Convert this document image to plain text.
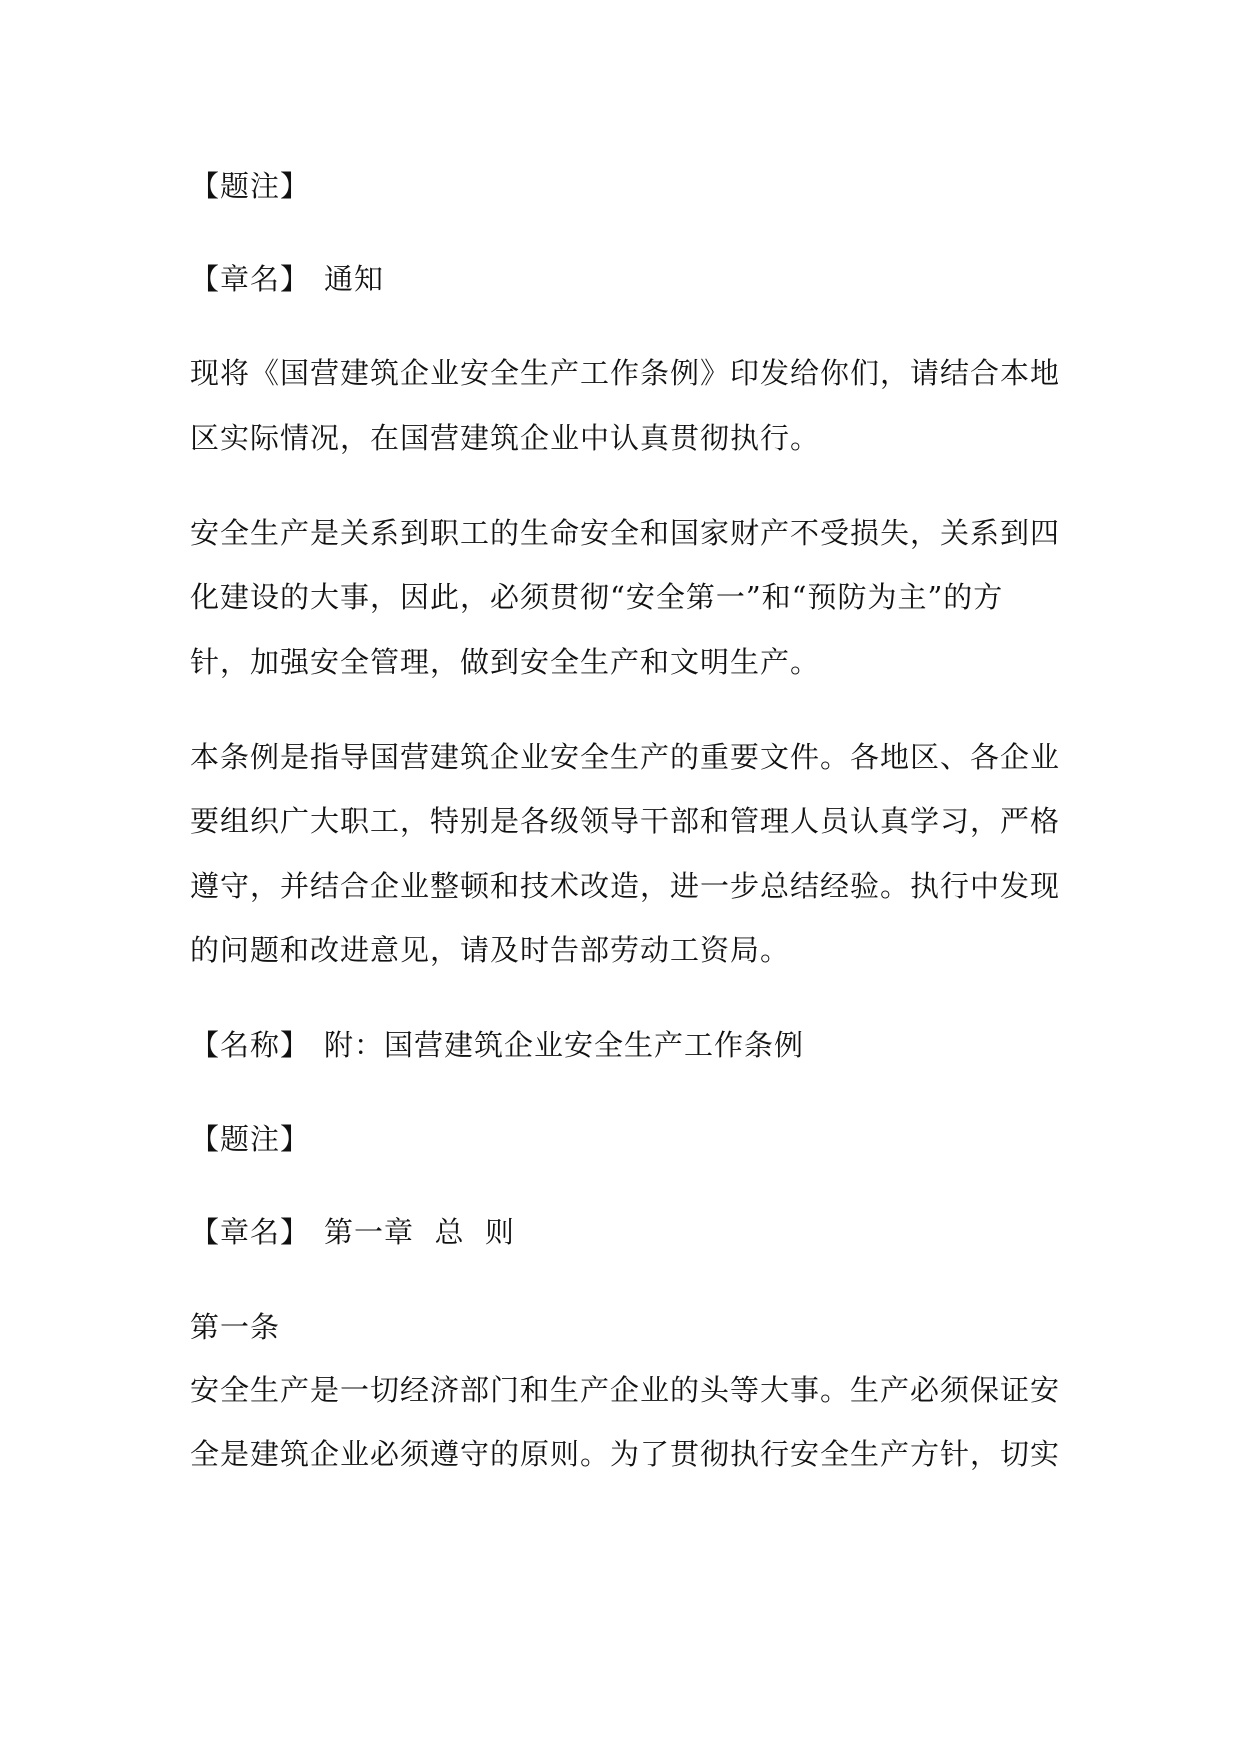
【题注】
【章名】 通知
现将《国营建筑企业安全生产工作条例》印发给你们，请结合本地
区实际情况，在国营建筑企业中认真贯彻执行。
安全生产是关系到职工的生命安全和国家财产不受损失，关系到四
化建设的大事，因此，必须贯彻“安全第一”和“预防为主”的方
针，加强安全管理，做到安全生产和文明生产。
本条例是指导国营建筑企业安全生产的重要文件。各地区、各企业
要组织广大职工，特别是各级领导干部和管理人员认真学习，严格
遵守，并结合企业整顿和技术改造，进一步总结经验。执行中发现
的问题和改进意见，请及时告部劳动工资局。
【名称】 附：国营建筑企业安全生产工作条例
【题注】
【章名】 第一章  总  则
第一条
安全生产是一切经济部门和生产企业的头等大事。生产必须保证安
全是建筑企业必须遵守的原则。为了贯彻执行安全生产方针，切实
